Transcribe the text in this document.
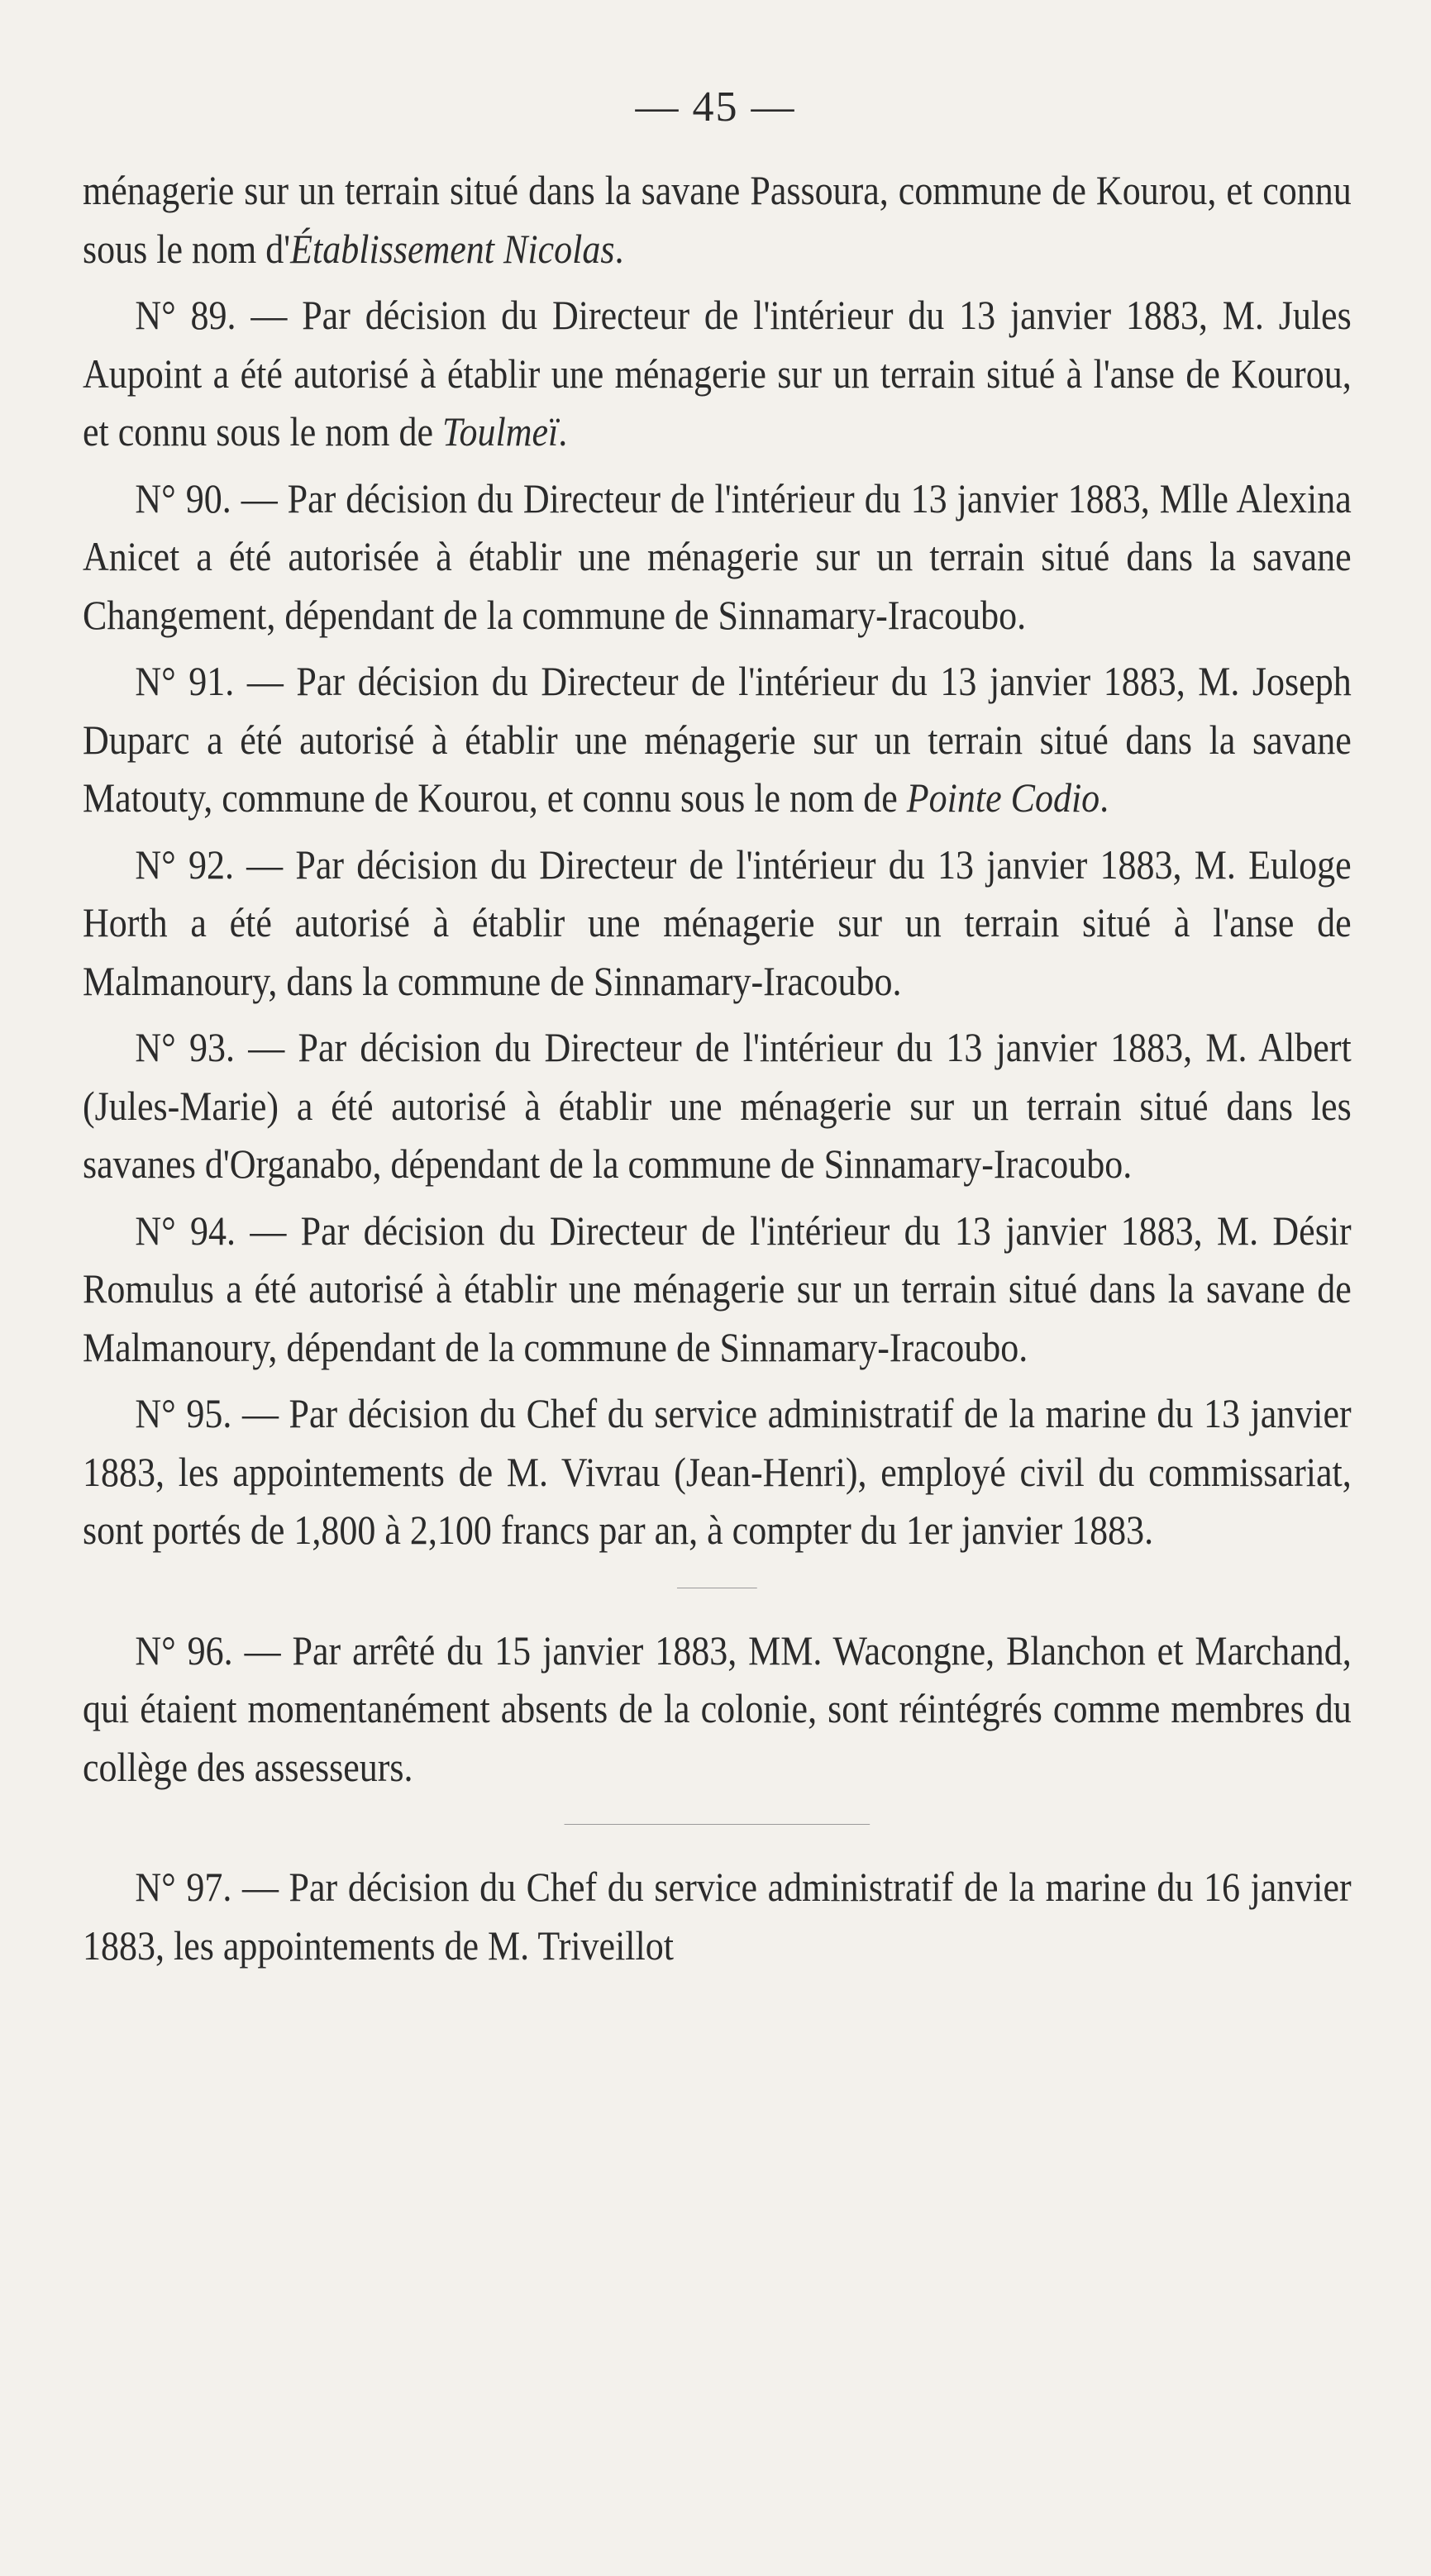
— 45 —

ménagerie sur un terrain situé dans la savane Passoura, commune de Kourou, et connu sous le nom d'Établissement Nicolas.

N° 89. — Par décision du Directeur de l'intérieur du 13 janvier 1883, M. Jules Aupoint a été autorisé à établir une ménagerie sur un terrain situé à l'anse de Kourou, et connu sous le nom de Toulmeï.

N° 90. — Par décision du Directeur de l'intérieur du 13 janvier 1883, Mlle Alexina Anicet a été autorisée à établir une ménagerie sur un terrain situé dans la savane Changement, dépendant de la commune de Sinnamary-Iracoubo.

N° 91. — Par décision du Directeur de l'intérieur du 13 janvier 1883, M. Joseph Duparc a été autorisé à établir une ménagerie sur un terrain situé dans la savane Matouty, commune de Kourou, et connu sous le nom de Pointe Codio.

N° 92. — Par décision du Directeur de l'intérieur du 13 janvier 1883, M. Euloge Horth a été autorisé à établir une ménagerie sur un terrain situé à l'anse de Malmanoury, dans la commune de Sinnamary-Iracoubo.

N° 93. — Par décision du Directeur de l'intérieur du 13 janvier 1883, M. Albert (Jules-Marie) a été autorisé à établir une ménagerie sur un terrain situé dans les savanes d'Organabo, dépendant de la commune de Sinnamary-Iracoubo.

N° 94. — Par décision du Directeur de l'intérieur du 13 janvier 1883, M. Désir Romulus a été autorisé à établir une ménagerie sur un terrain situé dans la savane de Malmanoury, dépendant de la commune de Sinnamary-Iracoubo.

N° 95. — Par décision du Chef du service administratif de la marine du 13 janvier 1883, les appointements de M. Vivrau (Jean-Henri), employé civil du commissariat, sont portés de 1,800 à 2,100 francs par an, à compter du 1er janvier 1883.

N° 96. — Par arrêté du 15 janvier 1883, MM. Wacongne, Blanchon et Marchand, qui étaient momentanément absents de la colonie, sont réintégrés comme membres du collège des assesseurs.

N° 97. — Par décision du Chef du service administratif de la marine du 16 janvier 1883, les appointements de M. Triveillot
